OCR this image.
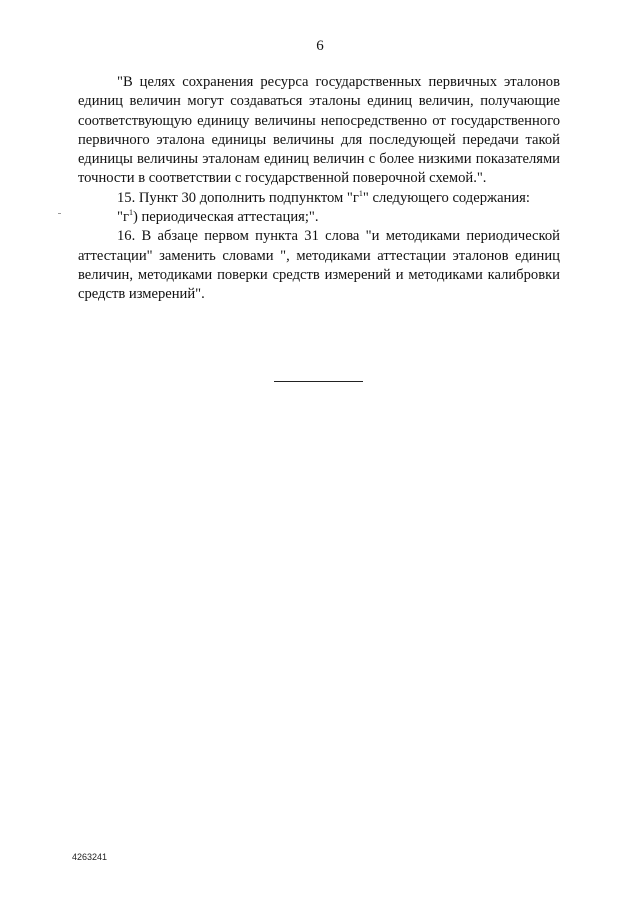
6

"В целях сохранения ресурса государственных первичных эталонов единиц величин могут создаваться эталоны единиц величин, получающие соответствующую единицу величины непосредственно от государственного первичного эталона единицы величины для последующей передачи такой единицы величины эталонам единиц величин с более низкими показателями точности в соответствии с государственной поверочной схемой.".

15. Пункт 30 дополнить подпунктом "$г^1$" следующего содержания:

"$г^1$) периодическая аттестация;".

16. В абзаце первом пункта 31 слова "и методиками периодической аттестации" заменить словами ", методиками аттестации эталонов единиц величин, методиками поверки средств измерений и методиками калибровки средств измерений".

4263241
